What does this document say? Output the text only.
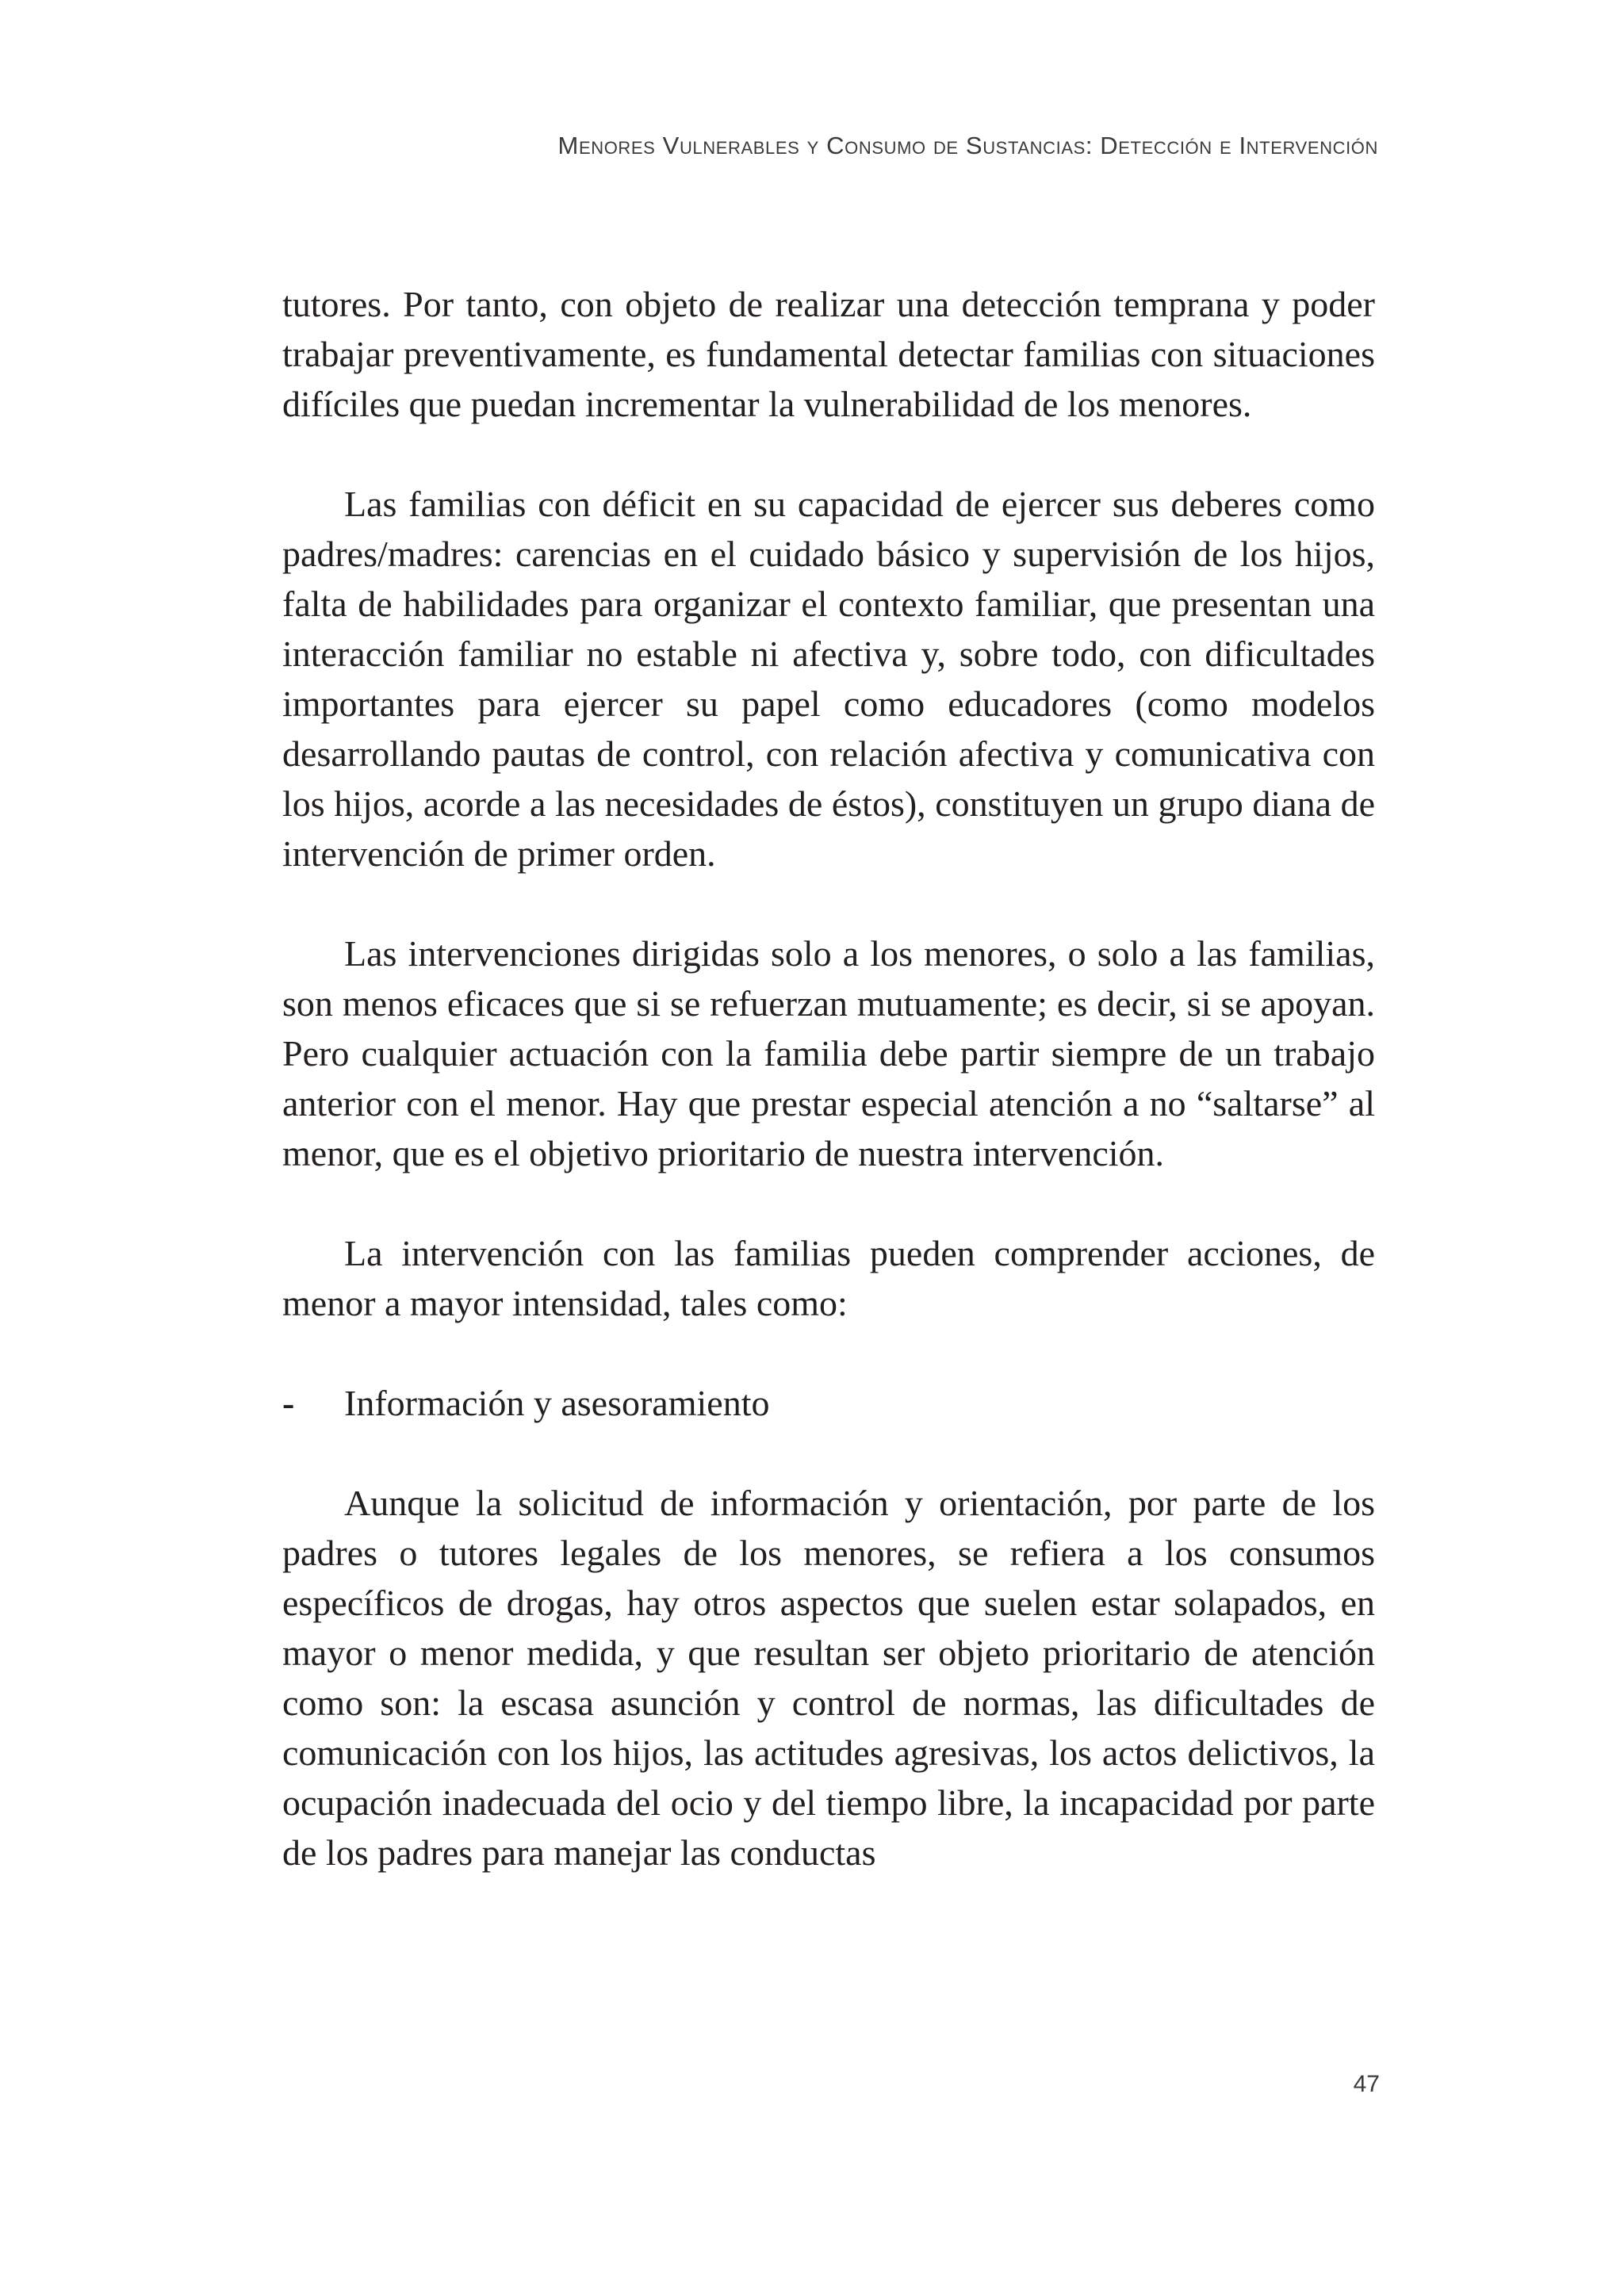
Menores Vulnerables y Consumo de Sustancias: Detección e Intervención

tutores. Por tanto, con objeto de realizar una detección temprana y poder trabajar preventivamente, es fundamental detectar familias con situaciones difíciles que puedan incrementar la vulnerabilidad de los menores.

Las familias con déficit en su capacidad de ejercer sus deberes como padres/madres: carencias en el cuidado básico y supervisión de los hijos, falta de habilidades para organizar el contexto familiar, que presentan una interacción familiar no estable ni afectiva y, sobre todo, con dificultades importantes para ejercer su papel como educadores (como modelos desarrollando pautas de control, con relación afectiva y comunicativa con los hijos, acorde a las necesidades de éstos), constituyen un grupo diana de intervención de primer orden.

Las intervenciones dirigidas solo a los menores, o solo a las familias, son menos eficaces que si se refuerzan mutuamente; es decir, si se apoyan. Pero cualquier actuación con la familia debe partir siempre de un trabajo anterior con el menor. Hay que prestar especial atención a no “saltarse” al menor, que es el objetivo prioritario de nuestra intervención.

La intervención con las familias pueden comprender acciones, de menor a mayor intensidad, tales como:

-	Información y asesoramiento

Aunque la solicitud de información y orientación, por parte de los padres o tutores legales de los menores, se refiera a los consumos específicos de drogas, hay otros aspectos que suelen estar solapados, en mayor o menor medida, y que resultan ser objeto prioritario de atención como son: la escasa asunción y control de normas, las dificultades de comunicación con los hijos, las actitudes agresivas, los actos delictivos, la ocupación inadecuada del ocio y del tiempo libre, la incapacidad por parte de los padres para manejar las conductas

47
